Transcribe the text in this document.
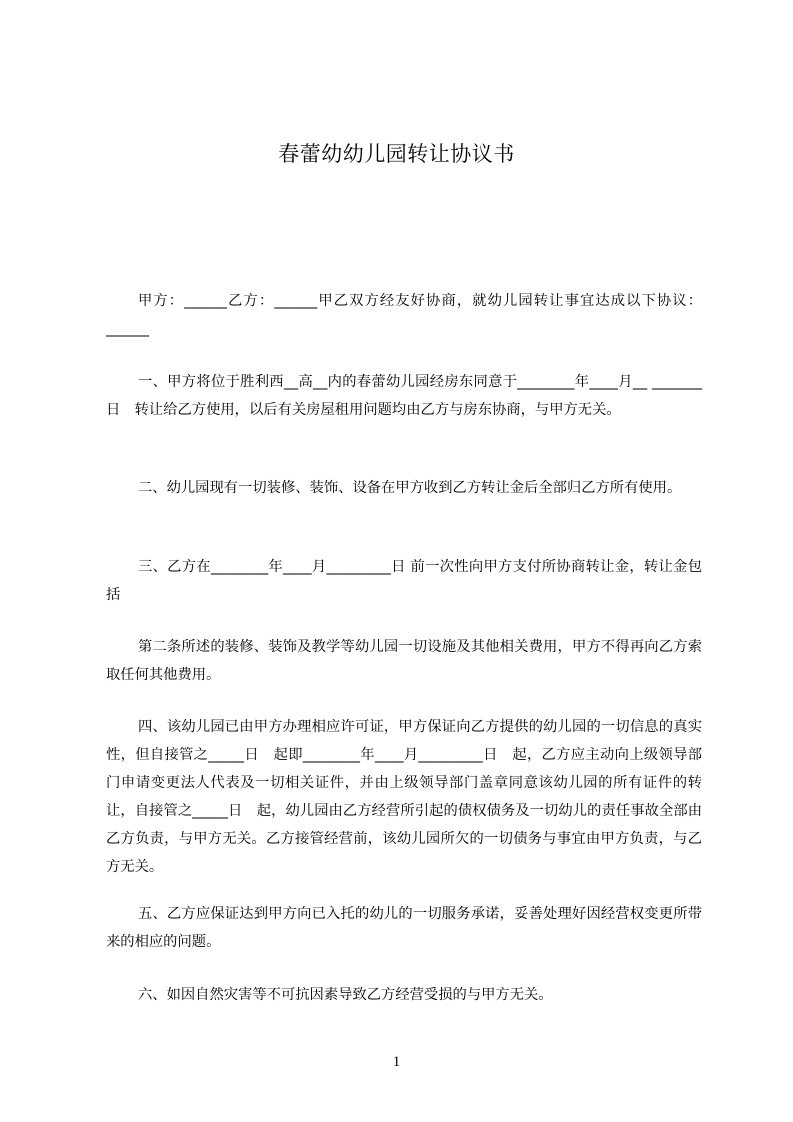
春蕾幼幼儿园转让协议书

甲方：______乙方：______甲乙双方经友好协商，就幼儿园转让事宜达成以下协议：______

一、甲方将位于胜利西__高__内的春蕾幼儿园经房东同意于________年____月__ _______日　转让给乙方使用，以后有关房屋租用问题均由乙方与房东协商，与甲方无关。

二、幼儿园现有一切装修、装饰、设备在甲方收到乙方转让金后全部归乙方所有使用。

三、乙方在________年____月_________日 前一次性向甲方支付所协商转让金，转让金包括

第二条所述的装修、装饰及教学等幼儿园一切设施及其他相关费用，甲方不得再向乙方索取任何其他费用。

四、该幼儿园已由甲方办理相应许可证，甲方保证向乙方提供的幼儿园的一切信息的真实性，但自接管之_____日　起即________年____月_________日　起，乙方应主动向上级领导部门申请变更法人代表及一切相关证件，并由上级领导部门盖章同意该幼儿园的所有证件的转让，自接管之_____日　起，幼儿园由乙方经营所引起的债权债务及一切幼儿的责任事故全部由乙方负责，与甲方无关。乙方接管经营前，该幼儿园所欠的一切债务与事宜由甲方负责，与乙方无关。

五、乙方应保证达到甲方向已入托的幼儿的一切服务承诺，妥善处理好因经营权变更所带来的相应的问题。

六、如因自然灾害等不可抗因素导致乙方经营受损的与甲方无关。

1
